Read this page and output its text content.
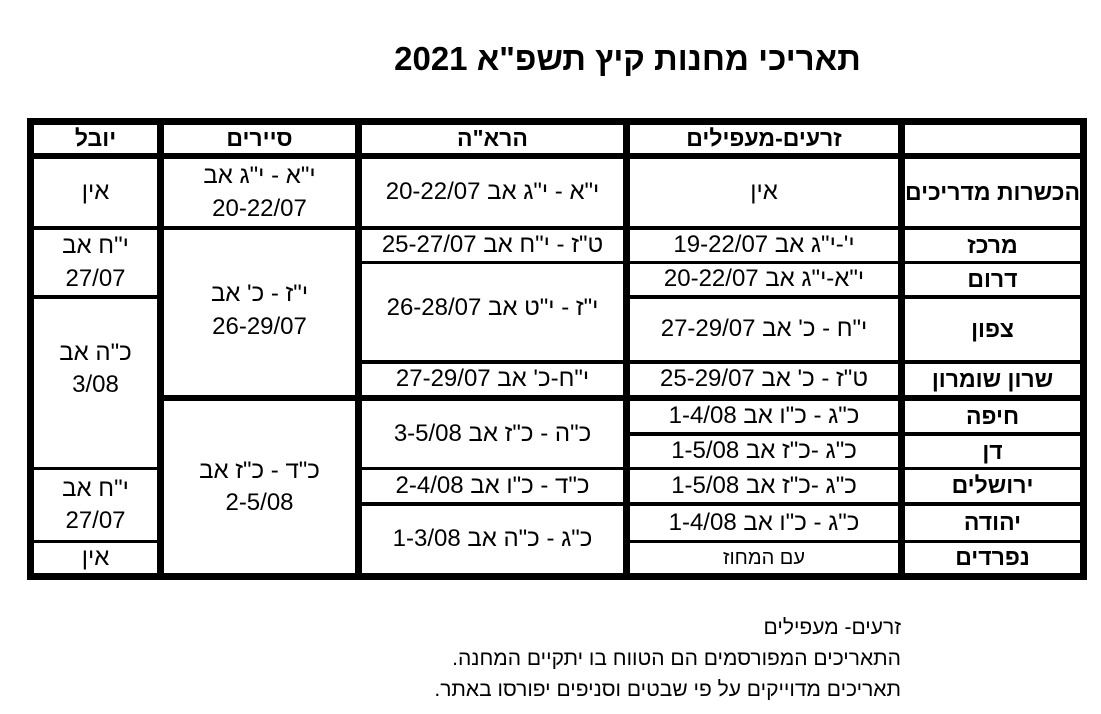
תאריכי מחנות קיץ תשפ"א 2021
זרעים-מעפילים
הרא"ה
סיירים
יובל
הכשרות מדריכים
מרכז
דרום
צפון
שרון שומרון
חיפה
דן
ירושלים
יהודה
נפרדים
אין
י'-י"ג אב 19-22/07
י"א-י"ג אב 20-22/07
י"ח - כ' אב 27-29/07
ט"ז - כ' אב 25-29/07
כ"ג - כ"ו אב 1-4/08
כ"ג -כ"ז אב 1-5/08
כ"ג -כ"ז אב 1-5/08
כ"ג - כ"ו אב 1-4/08
עם המחוז
י"א - י"ג אב 20-22/07
ט"ז - י"ח אב 25-27/07
י"ז - י"ט אב 26-28/07
י"ח-כ' אב 27-29/07
כ"ה - כ"ז אב 3-5/08
כ"ד - כ"ו אב 2-4/08
כ"ג - כ"ה אב 1-3/08
י"א - י"ג אב
20-22/07
י"ז - כ' אב
26-29/07
כ"ד - כ"ז אב
2-5/08
אין
י"ח אב
27/07
כ"ה אב
3/08
י"ח אב
27/07
אין
זרעים- מעפילים
התאריכים המפורסמים הם הטווח בו יתקיים המחנה.
תאריכים מדוייקים על פי שבטים וסניפים יפורסו באתר.
